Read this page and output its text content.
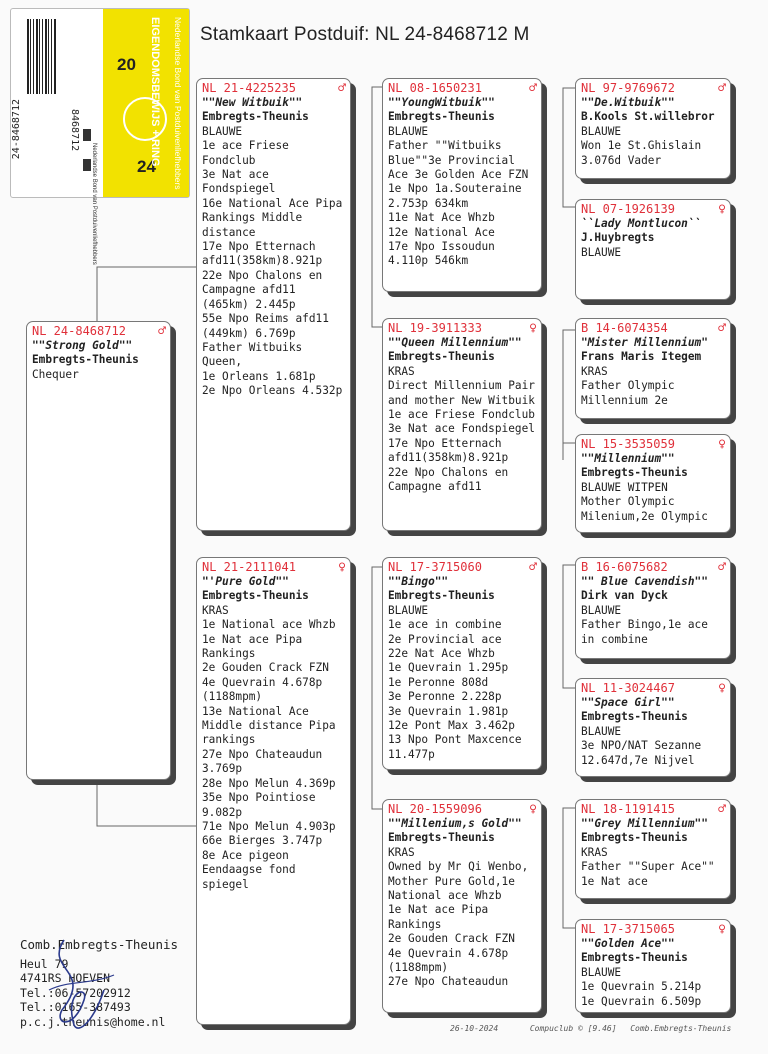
Stamkaart Postduif: NL 24-8468712 M
24-8468712
NL
8468712
Nederlandse Bond van Postduivenliefhebbers
20
24
EIGENDOMSBEWIJS + RING Nederlandse Bond van Postduivenliefhebbers
NL 24-8468712 ♂
""Strong Gold""
Embregts-Theunis
Chequer
NL 21-4225235	♂
""New Witbuik""
Embregts-Theunis
BLAUWE
1e ace Friese Fondclub
3e Nat ace Fondspiegel
16e National Ace Pipa Rankings Middle distance
17e Npo Etternach afd11(358km)8.921p
22e Npo Chalons en Campagne afd11 (465km) 2.445p
55e Npo Reims afd11 (449km) 6.769p
Father Witbuiks Queen,
1e Orleans 1.681p
2e Npo Orleans 4.532p
NL 21-2111041	♀
"'Pure Gold""
Embregts-Theunis
KRAS
1e National ace Whzb
1e Nat ace Pipa Rankings
2e Gouden Crack FZN
4e Quevrain 4.678p (1188mpm)
13e National Ace Middle distance Pipa rankings
27e Npo Chateaudun 3.769p
28e Npo Melun 4.369p
35e Npo Pointiose 9.082p
71e Npo Melun 4.903p
66e Bierges 3.747p
8e Ace pigeon Eendaagse fond spiegel
NL 08-1650231	♂
""YoungWitbuik""
Embregts-Theunis
BLAUWE
Father ""Witbuiks Blue""3e Provincial Ace 3e Golden Ace FZN
1e Npo 1a.Souteraine 2.753p 634km
11e Nat Ace Whzb
12e National Ace
17e Npo Issoudun 4.110p 546km
NL 19-3911333	♀
""Queen Millennium""
Embregts-Theunis
KRAS
Direct Millennium Pair and mother New Witbuik 1e ace Friese Fondclub
3e Nat ace Fondspiegel
17e Npo Etternach afd11(358km)8.921p
22e Npo Chalons en Campagne afd11
NL 17-3715060	♂
""Bingo""
Embregts-Theunis
BLAUWE
1e ace in combine
2e Provincial ace
22e Nat Ace Whzb
1e Quevrain 1.295p
1e Peronne 808d
3e Peronne 2.228p
3e Quevrain 1.981p
12e Pont Max 3.462p
13 Npo Pont Maxcence 11.477p
NL 20-1559096	♀
""Millenium,s Gold""
Embregts-Theunis
KRAS
Owned by Mr Qi Wenbo,
Mother Pure Gold,1e National ace Whzb
1e Nat ace Pipa Rankings
2e Gouden Crack FZN
4e Quevrain 4.678p (1188mpm)
27e Npo Chateaudun
NL 97-9769672	♂
""De.Witbuik""
B.Kools St.willebror
BLAUWE
Won 1e St.Ghislain 3.076d Vader
NL 07-1926139	♀
``Lady Montlucon``
J.Huybregts
BLAUWE
B 14-6074354	♂
"Mister Millennium"
Frans Maris Itegem
KRAS
Father Olympic Millennium 2e
NL 15-3535059	♀
""Millennium""
Embregts-Theunis
BLAUWE WITPEN
Mother Olympic Milenium,2e Olympic
B 16-6075682	♂
"" Blue Cavendish""
Dirk van Dyck
BLAUWE
Father Bingo,1e ace in combine
NL 11-3024467	♀
""Space Girl""
Embregts-Theunis
BLAUWE
3e NPO/NAT Sezanne 12.647d,7e Nijvel
NL 18-1191415	♂
""Grey Millennium""
Embregts-Theunis
KRAS
Father ""Super Ace"" 1e Nat ace
NL 17-3715065	♀
""Golden Ace""
Embregts-Theunis
BLAUWE
1e Quevrain 5.214p
1e Quevrain 6.509p
Comb.Embregts-Theunis
Heul 79
4741RS HOEVEN
Tel.:06-57202912
Tel.:0165-387493
p.c.j.theunis@home.nl	26-10-2024	Compuclub © [9.46] Comb.Embregts-Theunis
